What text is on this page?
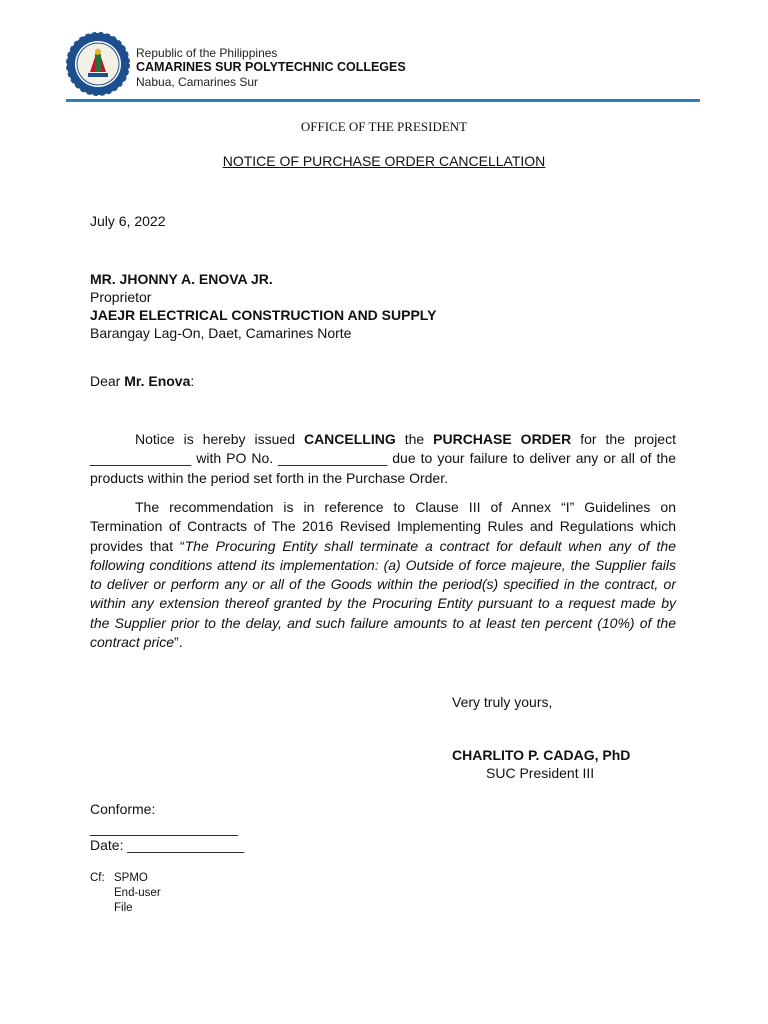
Republic of the Philippines
CAMARINES SUR POLYTECHNIC COLLEGES
Nabua, Camarines Sur
OFFICE OF THE PRESIDENT
NOTICE OF PURCHASE ORDER CANCELLATION
July 6, 2022
MR. JHONNY A. ENOVA JR.
Proprietor
JAEJR ELECTRICAL CONSTRUCTION AND SUPPLY
Barangay Lag-On, Daet, Camarines Norte
Dear Mr. Enova:
Notice is hereby issued CANCELLING the PURCHASE ORDER for the project _____________ with PO No. ______________ due to your failure to deliver any or all of the products within the period set forth in the Purchase Order.
The recommendation is in reference to Clause III of Annex “I” Guidelines on Termination of Contracts of The 2016 Revised Implementing Rules and Regulations which provides that “The Procuring Entity shall terminate a contract for default when any of the following conditions attend its implementation: (a) Outside of force majeure, the Supplier fails to deliver or perform any or all of the Goods within the period(s) specified in the contract, or within any extension thereof granted by the Procuring Entity pursuant to a request made by the Supplier prior to the delay, and such failure amounts to at least ten percent (10%) of the contract price”.
Very truly yours,
CHARLITO P. CADAG, PhD
SUC President III
Conforme:
___________________
Date: _______________
Cf: SPMO
End-user
File
